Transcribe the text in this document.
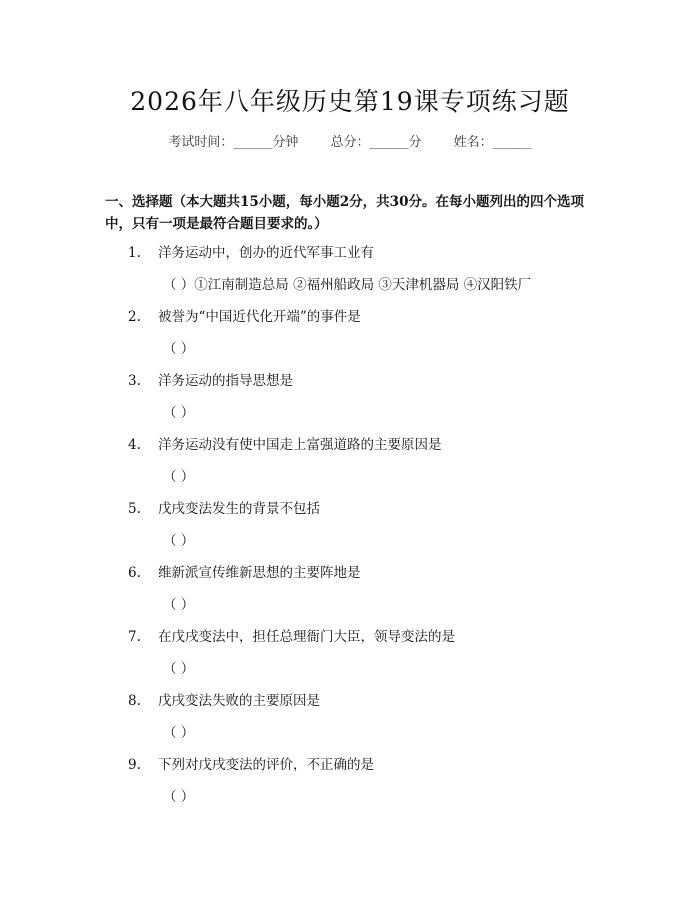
2026年八年级历史第19课专项练习题
考试时间：______分钟 总分：______分 姓名：______
一、选择题（本大题共15小题，每小题2分，共30分。在每小题列出的四个选项中，只有一项是最符合题目要求的。）
1. 洋务运动中，创办的近代军事工业有
（ ）①江南制造总局 ②福州船政局 ③天津机器局 ④汉阳铁厂
2. 被誉为“中国近代化开端”的事件是
（ ）
3. 洋务运动的指导思想是
（ ）
4. 洋务运动没有使中国走上富强道路的主要原因是
（ ）
5. 戊戌变法发生的背景不包括
（ ）
6. 维新派宣传维新思想的主要阵地是
（ ）
7. 在戊戌变法中，担任总理衙门大臣，领导变法的是
（ ）
8. 戊戌变法失败的主要原因是
（ ）
9. 下列对戊戌变法的评价，不正确的是
（ ）
